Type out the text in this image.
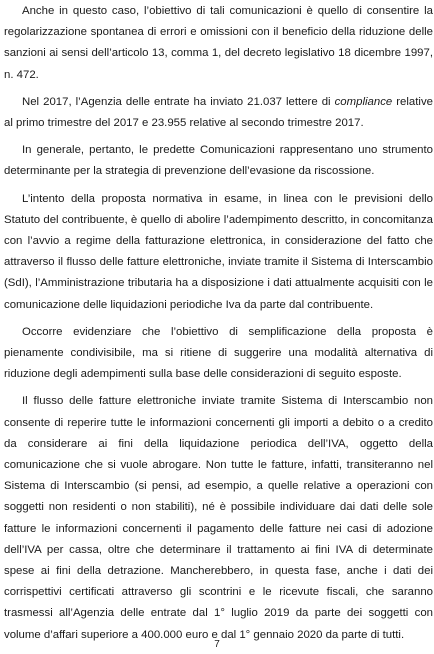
Anche in questo caso, l’obiettivo di tali comunicazioni è quello di consentire la regolarizzazione spontanea di errori e omissioni con il beneficio della riduzione delle sanzioni ai sensi dell’articolo 13, comma 1, del decreto legislativo 18 dicembre 1997, n. 472.

Nel 2017, l’Agenzia delle entrate ha inviato 21.037 lettere di compliance relative al primo trimestre del 2017 e 23.955 relative al secondo trimestre 2017.

In generale, pertanto, le predette Comunicazioni rappresentano uno strumento determinante per la strategia di prevenzione dell’evasione da riscossione.

L’intento della proposta normativa in esame, in linea con le previsioni dello Statuto del contribuente, è quello di abolire l’adempimento descritto, in concomitanza con l’avvio a regime della fatturazione elettronica, in considerazione del fatto che attraverso il flusso delle fatture elettroniche, inviate tramite il Sistema di Interscambio (SdI), l’Amministrazione tributaria ha a disposizione i dati attualmente acquisiti con le comunicazione delle liquidazioni periodiche Iva da parte dal contribuente.

Occorre evidenziare che l’obiettivo di semplificazione della proposta è pienamente condivisibile, ma si ritiene di suggerire una modalità alternativa di riduzione degli adempimenti sulla base delle considerazioni di seguito esposte.

Il flusso delle fatture elettroniche inviate tramite Sistema di Interscambio non consente di reperire tutte le informazioni concernenti gli importi a debito o a credito da considerare ai fini della liquidazione periodica dell’IVA, oggetto della comunicazione che si vuole abrogare. Non tutte le fatture, infatti, transiteranno nel Sistema di Interscambio (si pensi, ad esempio, a quelle relative a operazioni con soggetti non residenti o non stabiliti), né è possibile individuare dai dati delle sole fatture le informazioni concernenti il pagamento delle fatture nei casi di adozione dell’IVA per cassa, oltre che determinare il trattamento ai fini IVA di determinate spese ai fini della detrazione. Mancherebbero, in questa fase, anche i dati dei corrispettivi certificati attraverso gli scontrini e le ricevute fiscali, che saranno trasmessi all’Agenzia delle entrate dal 1° luglio 2019 da parte dei soggetti con volume d’affari superiore a 400.000 euro e dal 1° gennaio 2020 da parte di tutti.

7
